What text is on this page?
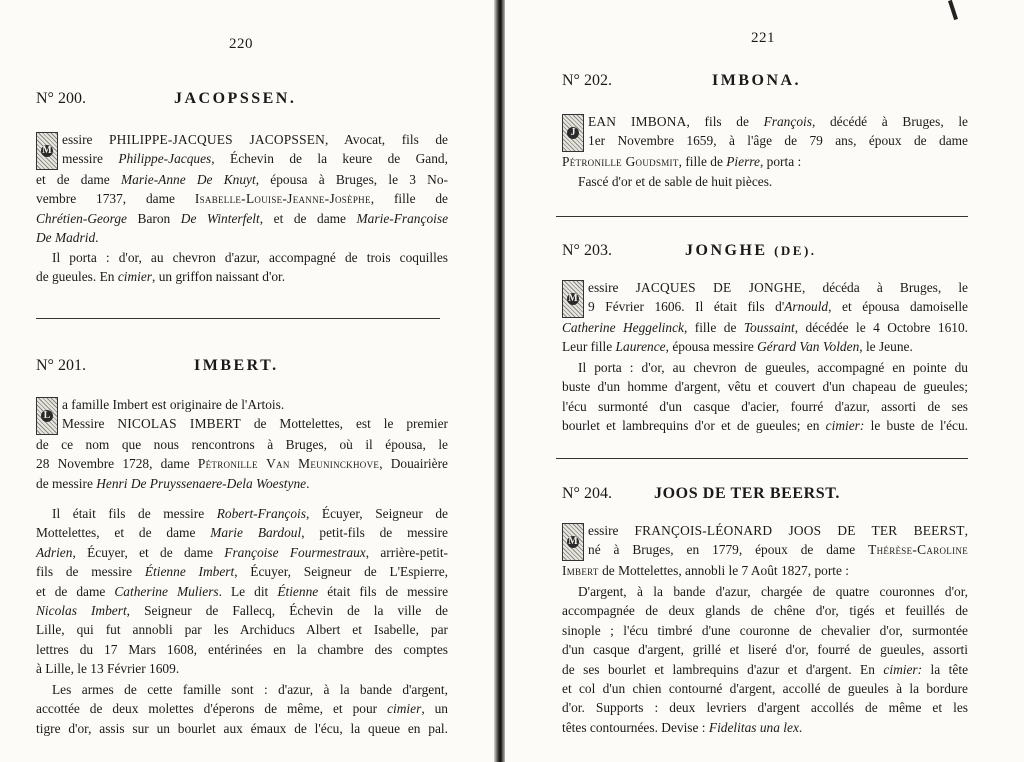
220
N° 200.	JACOPSSEN.
M
essire PHILIPPE-JACQUES JACOPSSEN, Avocat, fils de
messire Philippe-Jacques, Échevin de la keure de Gand,
et de dame Marie-Anne De Knuyt, épousa à Bruges, le 3 No-
vembre 1737, dame Isabelle-Louise-Jeanne-Josèphe, fille de
Chrétien-George Baron De Winterfelt, et de dame Marie-Françoise
De Madrid.
Il porta : d'or, au chevron d'azur, accompagné de trois coquilles
de gueules. En cimier, un griffon naissant d'or.
N° 201.	IMBERT.
L
a famille Imbert est originaire de l'Artois.
Messire NICOLAS IMBERT de Mottelettes, est le premier
de ce nom que nous rencontrons à Bruges, où il épousa, le
28 Novembre 1728, dame Pétronille Van Meuninckhove, Douairière
de messire Henri De Pruyssenaere-Dela Woestyne.
Il était fils de messire Robert-François, Écuyer, Seigneur de
Mottelettes, et de dame Marie Bardoul, petit-fils de messire
Adrien, Écuyer, et de dame Françoise Fourmestraux, arrière-petit-
fils de messire Étienne Imbert, Écuyer, Seigneur de L'Espierre,
et de dame Catherine Muliers. Le dit Étienne était fils de messire
Nicolas Imbert, Seigneur de Fallecq, Échevin de la ville de
Lille, qui fut annobli par les Archiducs Albert et Isabelle, par
lettres du 17 Mars 1608, entérinées en la chambre des comptes
à Lille, le 13 Février 1609.
Les armes de cette famille sont : d'azur, à la bande d'argent,
accottée de deux molettes d'éperons de même, et pour cimier, un
tigre d'or, assis sur un bourlet aux émaux de l'écu, la queue en pal.
221
N° 202.	IMBONA.
J
EAN IMBONA, fils de François, décédé à Bruges, le
1er Novembre 1659, à l'âge de 79 ans, époux de dame
Pétronille Goudsmit, fille de Pierre, porta :
Fascé d'or et de sable de huit pièces.
N° 203.	JONGHE (DE).
M
essire JACQUES DE JONGHE, décéda à Bruges, le
9 Février 1606. Il était fils d'Arnould, et épousa damoiselle
Catherine Heggelinck, fille de Toussaint, décédée le 4 Octobre 1610.
Leur fille Laurence, épousa messire Gérard Van Volden, le Jeune.
Il porta : d'or, au chevron de gueules, accompagné en pointe du
buste d'un homme d'argent, vêtu et couvert d'un chapeau de gueules;
l'écu surmonté d'un casque d'acier, fourré d'azur, assorti de ses
bourlet et lambrequins d'or et de gueules; en cimier: le buste de l'écu.
N° 204.	JOOS DE TER BEERST.
M
essire FRANÇOIS-LÉONARD JOOS DE TER BEERST,
né à Bruges, en 1779, époux de dame Thérèse-Caroline
Imbert de Mottelettes, annobli le 7 Août 1827, porte :
D'argent, à la bande d'azur, chargée de quatre couronnes d'or,
accompagnée de deux glands de chêne d'or, tigés et feuillés de
sinople ; l'écu timbré d'une couronne de chevalier d'or, surmontée
d'un casque d'argent, grillé et liseré d'or, fourré de gueules, assorti
de ses bourlet et lambrequins d'azur et d'argent. En cimier: la tête
et col d'un chien contourné d'argent, accollé de gueules à la bordure
d'or. Supports : deux levriers d'argent accollés de même et les
têtes contournées. Devise : Fidelitas una lex.
